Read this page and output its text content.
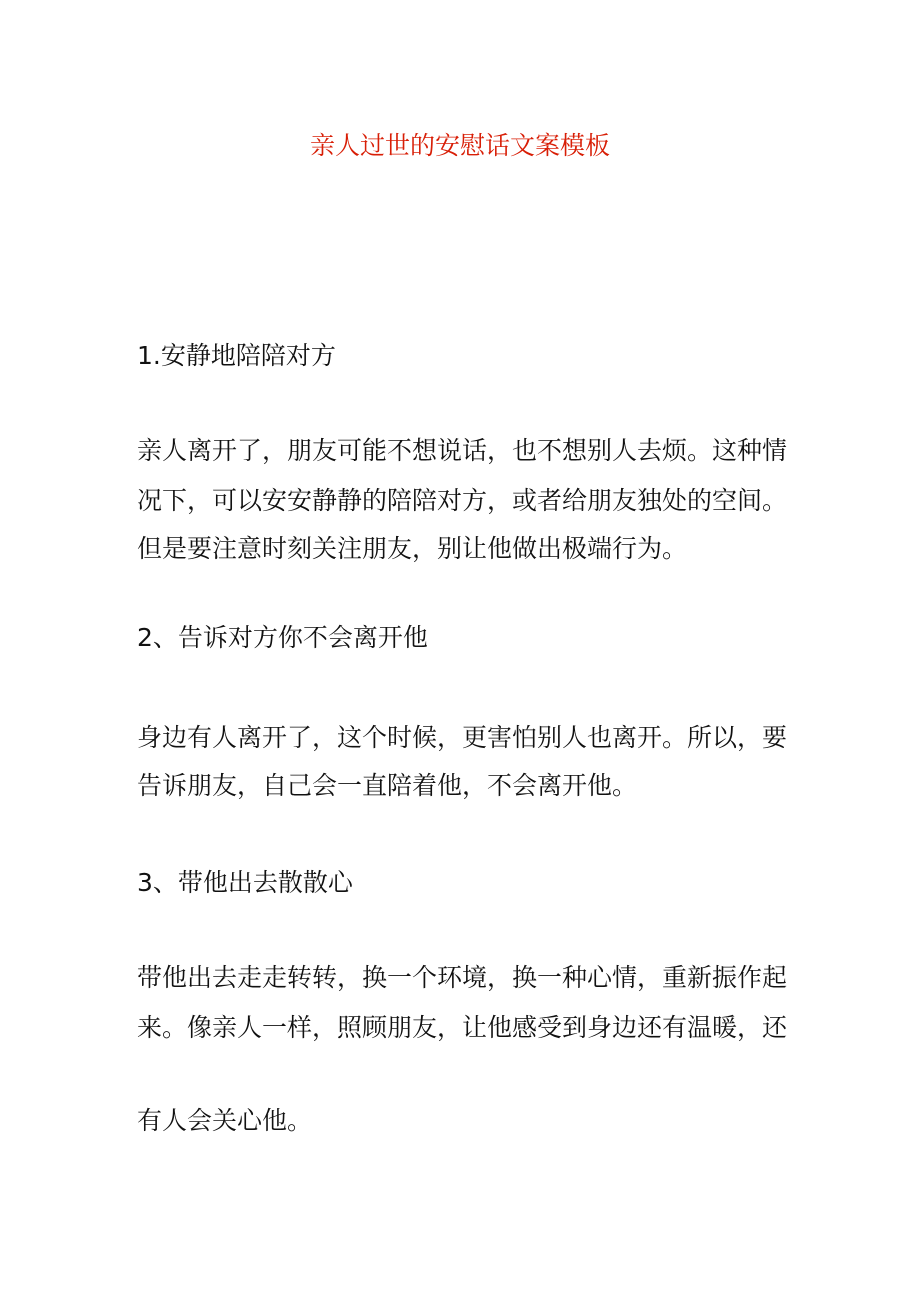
亲人过世的安慰话文案模板
1.安静地陪陪对方
亲人离开了，朋友可能不想说话，也不想别人去烦。这种情
况下，可以安安静静的陪陪对方，或者给朋友独处的空间。
但是要注意时刻关注朋友，别让他做出极端行为。
2、告诉对方你不会离开他
身边有人离开了，这个时候，更害怕别人也离开。所以，要
告诉朋友，自己会一直陪着他，不会离开他。
3、带他出去散散心
带他出去走走转转，换一个环境，换一种心情，重新振作起
来。像亲人一样，照顾朋友，让他感受到身边还有温暖，还
有人会关心他。
